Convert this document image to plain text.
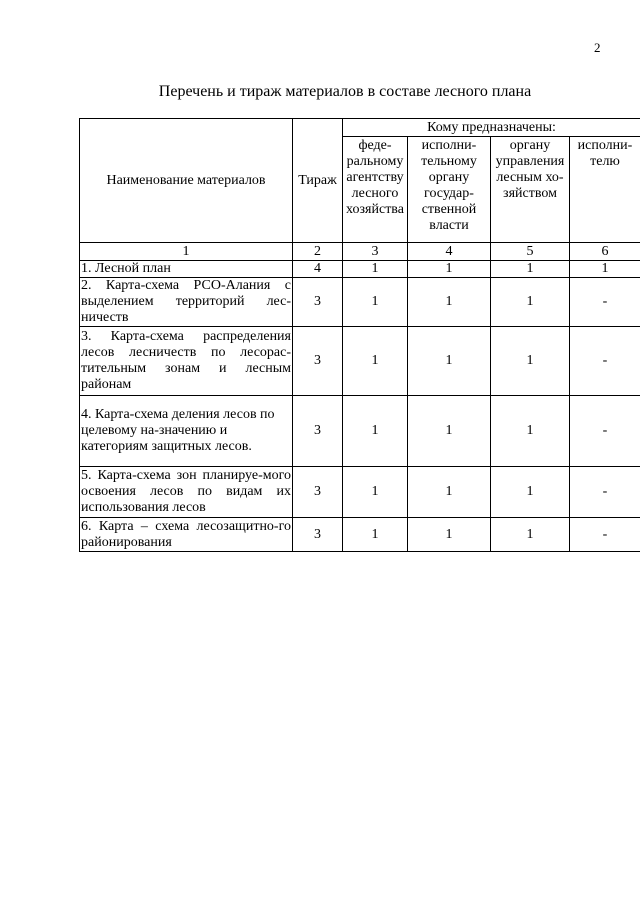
2
Перечень и тираж материалов в составе лесного плана
Наименование материалов	Тираж	Кому предназначены:			
		феде-ральному агентству лесного хозяйства	исполни-тельному органу государ-ственной власти	органу управления лесным хо-зяйством	исполни-телю
1	2	3	4	5	6
1. Лесной план	4	1	1	1	1
2. Карта-схема РСО-Алания с выделением территорий лес-ничеств	3	1	1	1	-
3. Карта-схема распределения лесов лесничеств по лесорас-тительным зонам и лесным районам	3	1	1	1	-
4. Карта-схема деления лесов по целевому на-значению и категориям защитных лесов.	3	1	1	1	-
5. Карта-схема зон планируе-мого освоения лесов по видам их использования лесов	3	1	1	1	-
6. Карта – схема лесозащитно-го районирования	3	1	1	1	-
